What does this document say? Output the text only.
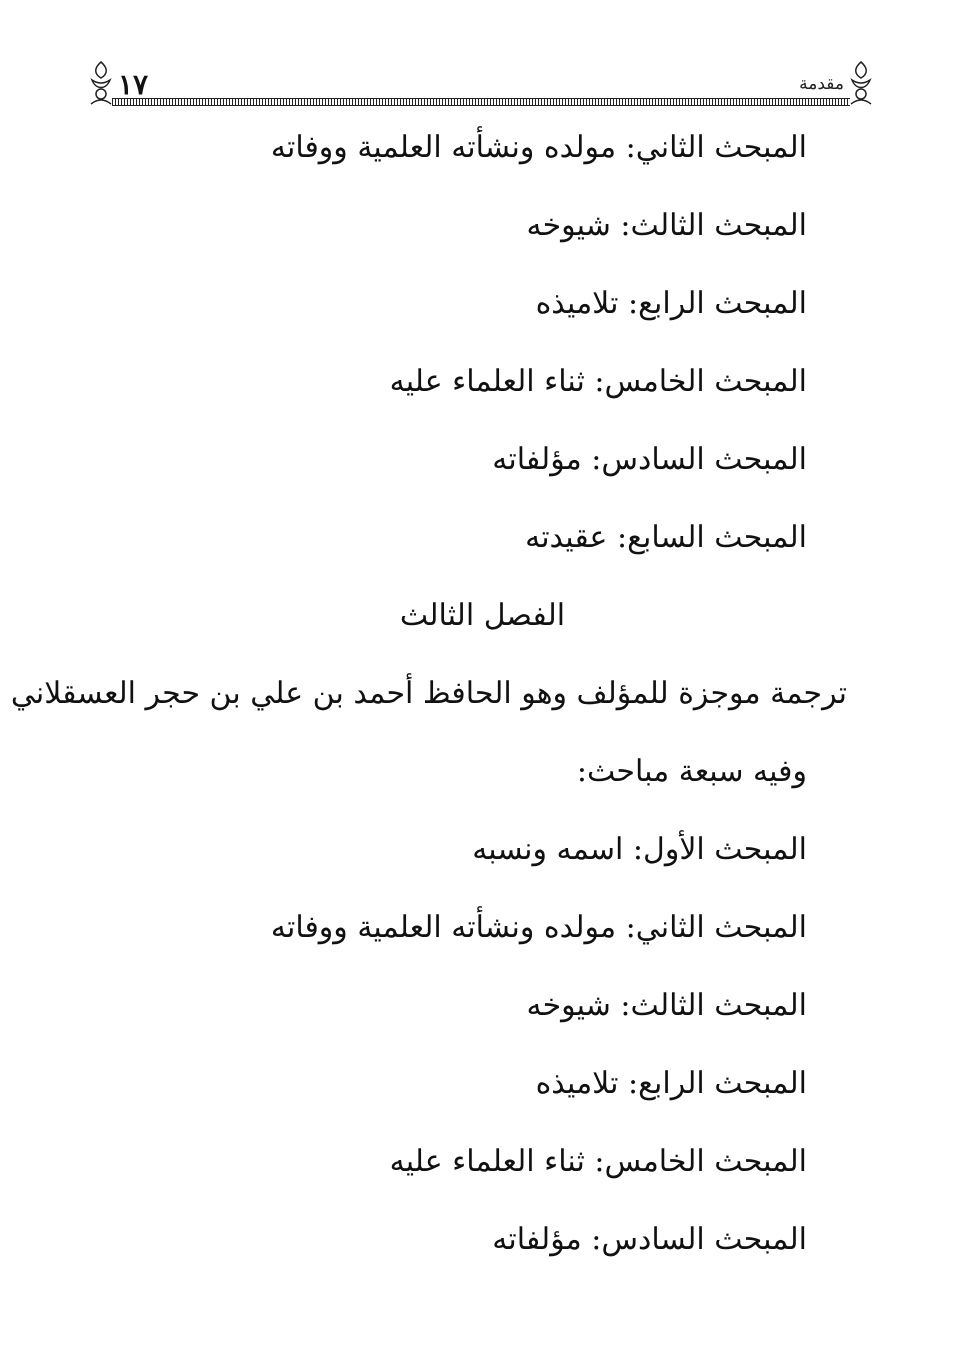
مقدمة
١٧
المبحث الثاني: مولده ونشأته العلمية ووفاته
المبحث الثالث: شيوخه
المبحث الرابع: تلاميذه
المبحث الخامس: ثناء العلماء عليه
المبحث السادس: مؤلفاته
المبحث السابع: عقيدته
الفصل الثالث
ترجمة موجزة للمؤلف وهو الحافظ أحمد بن علي بن حجر العسقلاني
وفيه سبعة مباحث:
المبحث الأول: اسمه ونسبه
المبحث الثاني: مولده ونشأته العلمية ووفاته
المبحث الثالث: شيوخه
المبحث الرابع: تلاميذه
المبحث الخامس: ثناء العلماء عليه
المبحث السادس: مؤلفاته
